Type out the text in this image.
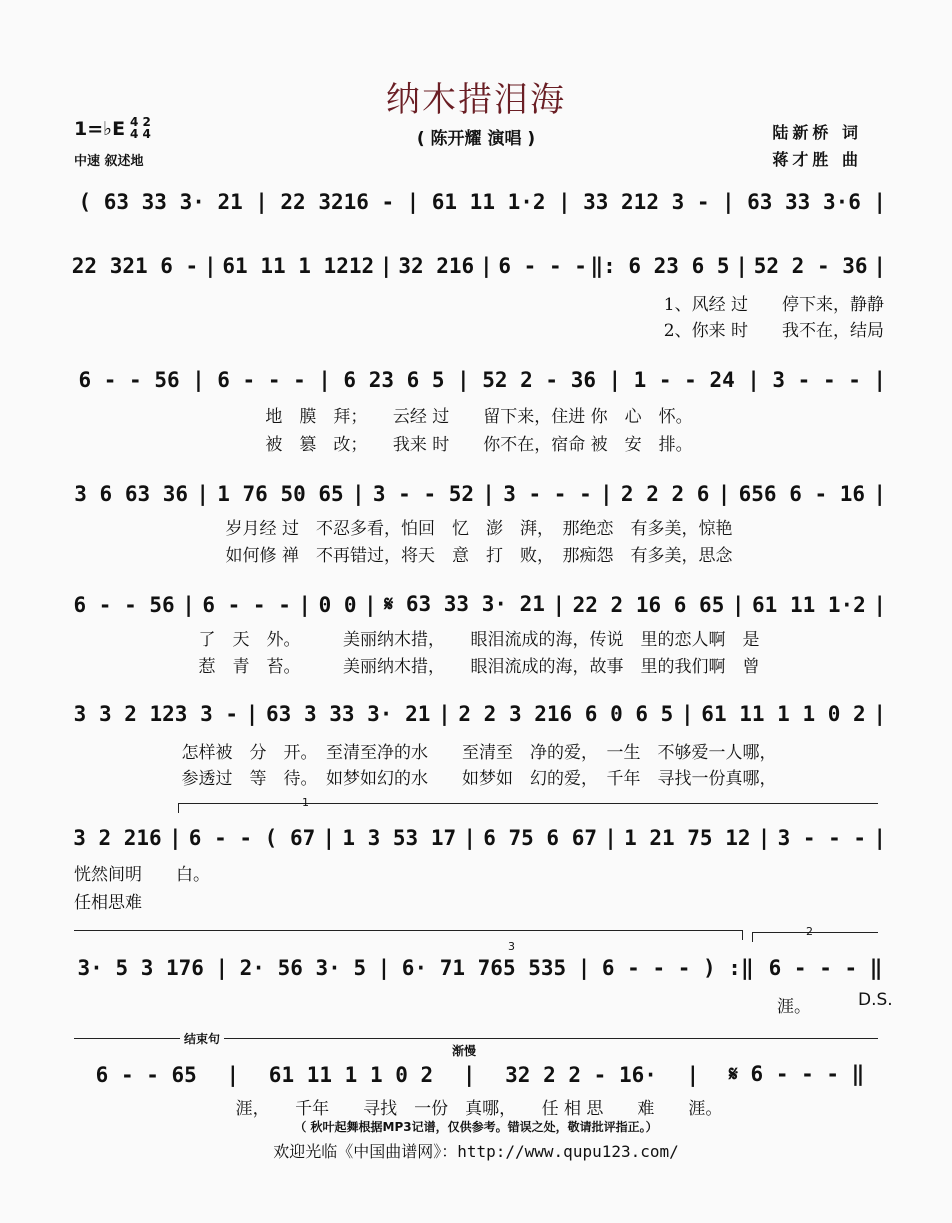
纳木措泪海
( 陈开耀 演唱 )
1=♭E 4 2
4 4
中速 叙述地
陆新桥 词
蒋才胜 曲
( 63 33 3· 21 | 22 3216 - | 61 11 1·2 | 33 212 3 - | 63 33 3·6 |
22 321 6 - | 61 11 1 1212 | 32 216 | 6 - - - ‖: 6 23 6 5 | 52 2 - 36 |
1、风经 过　　停下来，静静
2、你来 时　　我不在，结局
6 - - 56 | 6 - - - | 6 23 6 5 | 52 2 - 36 | 1 - - 24 | 3 - - - |
地　膜　拜；　　云经 过　　留下来，住进 你　心　怀。
被　篡　改；　　我来 时　　你不在，宿命 被　安　排。
3 6 63 36 | 1 76 50 65 | 3 - - 52 | 3 - - - | 2 2 2 6 | 656 6 - 16 |
岁月经 过　不忍多看，怕回　忆　澎　湃，　那绝恋　有多美，惊艳
如何修 禅　不再错过，将天　意　打　败，　那痴怨　有多美，思念
6 - - 56 | 6 - - - | 0 0 | 𝄋 63 33 3· 21 | 22 2 16 6 65 | 61 11 1·2 |
了　天　外。　　　美丽纳木措，　　眼泪流成的海，传说　里的恋人啊　是
惹　青　苔。　　　美丽纳木措，　　眼泪流成的海，故事　里的我们啊　曾
3 3 2 123 3 - | 63 3 33 3· 21 | 2 2 3 216 6 0 6 5 | 61 11 1 1 0 2 |
怎样被　分　开。　至清至净的水　　至清至　净的爱，　一生　不够爱一人哪，
参透过　等　待。　如梦如幻的水　　如梦如　幻的爱，　千年　寻找一份真哪，
1
3 2 216 | 6 - - ( 67 | 1 3 53 17 | 6 75 6 67 | 1 21 75 12 | 3 - - - |
恍然间明　　白。
任相思难
2
3
3· 5 3 176 | 2· 56 3· 5 | 6· 71 765 535 | 6 - - - ) :‖ 6 - - - ‖
涯。	D.S.
结束句
渐慢
6 - - 65	|	61 11 1 1 0 2	|	32 2 2 - 16·	|	𝄋 6 - - - ‖
涯，　　千年　　寻找　一份　真哪，　　任 相 思　　难　　涯。
（ 秋叶起舞根据MP3记谱，仅供参考。错误之处，敬请批评指正。）
欢迎光临《中国曲谱网》：http://www.qupu123.com/
